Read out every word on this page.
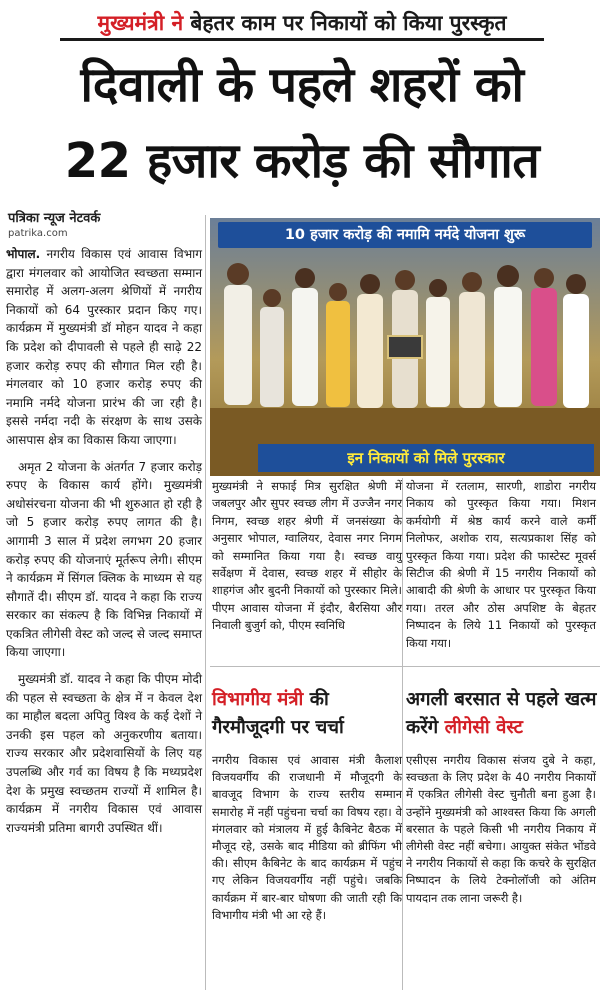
मुख्यमंत्री ने बेहतर काम पर निकायों को किया पुरस्कृत
दिवाली के पहले शहरों को
22 हजार करोड़ की सौगात
पत्रिका न्यूज नेटवर्क
patrika.com

भोपाल. नगरीय विकास एवं आवास विभाग द्वारा मंगलवार को आयोजित स्वच्छता सम्मान समारोह में अलग-अलग श्रेणियों में नगरीय निकायों को 64 पुरस्कार प्रदान किए गए। कार्यक्रम में मुख्यमंत्री डॉ मोहन यादव ने कहा कि प्रदेश को दीपावली से पहले ही साढ़े 22 हजार करोड़ रुपए की सौगात मिल रही है। मंगलवार को 10 हजार करोड़ रुपए की नमामि नर्मदे योजना प्रारंभ की जा रही है। इससे नर्मदा नदी के संरक्षण के साथ उसके आसपास क्षेत्र का विकास किया जाएगा।

अमृत 2 योजना के अंतर्गत 7 हजार करोड़ रुपए के विकास कार्य होंगे। मुख्यमंत्री अधोसंरचना योजना की भी शुरुआत हो रही है जो 5 हजार करोड़ रुपए लागत की है। आगामी 3 साल में प्रदेश लगभग 20 हजार करोड़ रुपए की योजनाएं मूर्तरूप लेगी। सीएम ने कार्यक्रम में सिंगल क्लिक के माध्यम से यह सौगातें दी। सीएम डॉ. यादव ने कहा कि राज्य सरकार का संकल्प है कि विभिन्न निकायों में एकत्रित लीगेसी वेस्ट को जल्द से जल्द समाप्त किया जाएगा।

मुख्यमंत्री डॉ. यादव ने कहा कि पीएम मोदी की पहल से स्वच्छता के क्षेत्र में न केवल देश का माहौल बदला अपितु विश्व के कई देशों ने उनकी इस पहल को अनुकरणीय बताया। राज्य सरकार और प्रदेशवासियों के लिए यह उपलब्धि और गर्व का विषय है कि मध्यप्रदेश देश के प्रमुख स्वच्छतम राज्यों में शामिल है। कार्यक्रम में नगरीय विकास एवं आवास राज्यमंत्री प्रतिमा बागरी उपस्थित थीं।

10 हजार करोड़ की नमामि नर्मदे योजना शुरू
इन निकायों को मिले पुरस्कार
मुख्यमंत्री ने सफाई मित्र सुरक्षित श्रेणी में जबलपुर और सुपर स्वच्छ लीग में उज्जैन नगर निगम, स्वच्छ शहर श्रेणी में जनसंख्या के अनुसार भोपाल, ग्वालियर, देवास नगर निगम को सम्मानित किया गया है। स्वच्छ वायु सर्वेक्षण में देवास, स्वच्छ शहर में सीहोर के शाहगंज और बुदनी निकायों को पुरस्कार मिले। पीएम आवास योजना में इंदौर, बैरसिया और निवाली बुजुर्ग को, पीएम स्वनिधि
योजना में रतलाम, सारणी, शाडोरा नगरीय निकाय को पुरस्कृत किया गया। मिशन कर्मयोगी में श्रेष्ठ कार्य करने वाले कर्मी निलोफर, अशोक राय, सत्यप्रकाश सिंह को पुरस्कृत किया गया। प्रदेश की फास्टेस्ट मूवर्स सिटीज की श्रेणी में 15 नगरीय निकायों को आबादी की श्रेणी के आधार पर पुरस्कृत किया गया। तरल और ठोस अपशिष्ट के बेहतर निष्पादन के लिये 11 निकायों को पुरस्कृत किया गया।
विभागीय मंत्री की गैरमौजूदगी पर चर्चा
अगली बरसात से पहले खत्म करेंगे लीगेसी वेस्ट
नगरीय विकास एवं आवास मंत्री कैलाश विजयवर्गीय की राजधानी में मौजूदगी के बावजूद विभाग के राज्य स्तरीय सम्मान समारोह में नहीं पहुंचना चर्चा का विषय रहा। वे मंगलवार को मंत्रालय में हुई कैबिनेट बैठक में मौजूद रहे, उसके बाद मीडिया को ब्रीफिंग भी की। सीएम कैबिनेट के बाद कार्यक्रम में पहुंच गए लेकिन विजयवर्गीय नहीं पहुंचे। जबकि कार्यक्रम में बार-बार घोषणा की जाती रही कि विभागीय मंत्री भी आ रहे हैं।
एसीएस नगरीय विकास संजय दुबे ने कहा, स्वच्छता के लिए प्रदेश के 40 नगरीय निकायों में एकत्रित लीगेसी वेस्ट चुनौती बना हुआ है। उन्होंने मुख्यमंत्री को आश्वस्त किया कि अगली बरसात के पहले किसी भी नगरीय निकाय में लीगेसी वेस्ट नहीं बचेगा। आयुक्त संकेत भोंडवे ने नगरीय निकायों से कहा कि कचरे के सुरक्षित निष्पादन के लिये टेक्नोलॉजी को अंतिम पायदान तक लाना जरूरी है।
